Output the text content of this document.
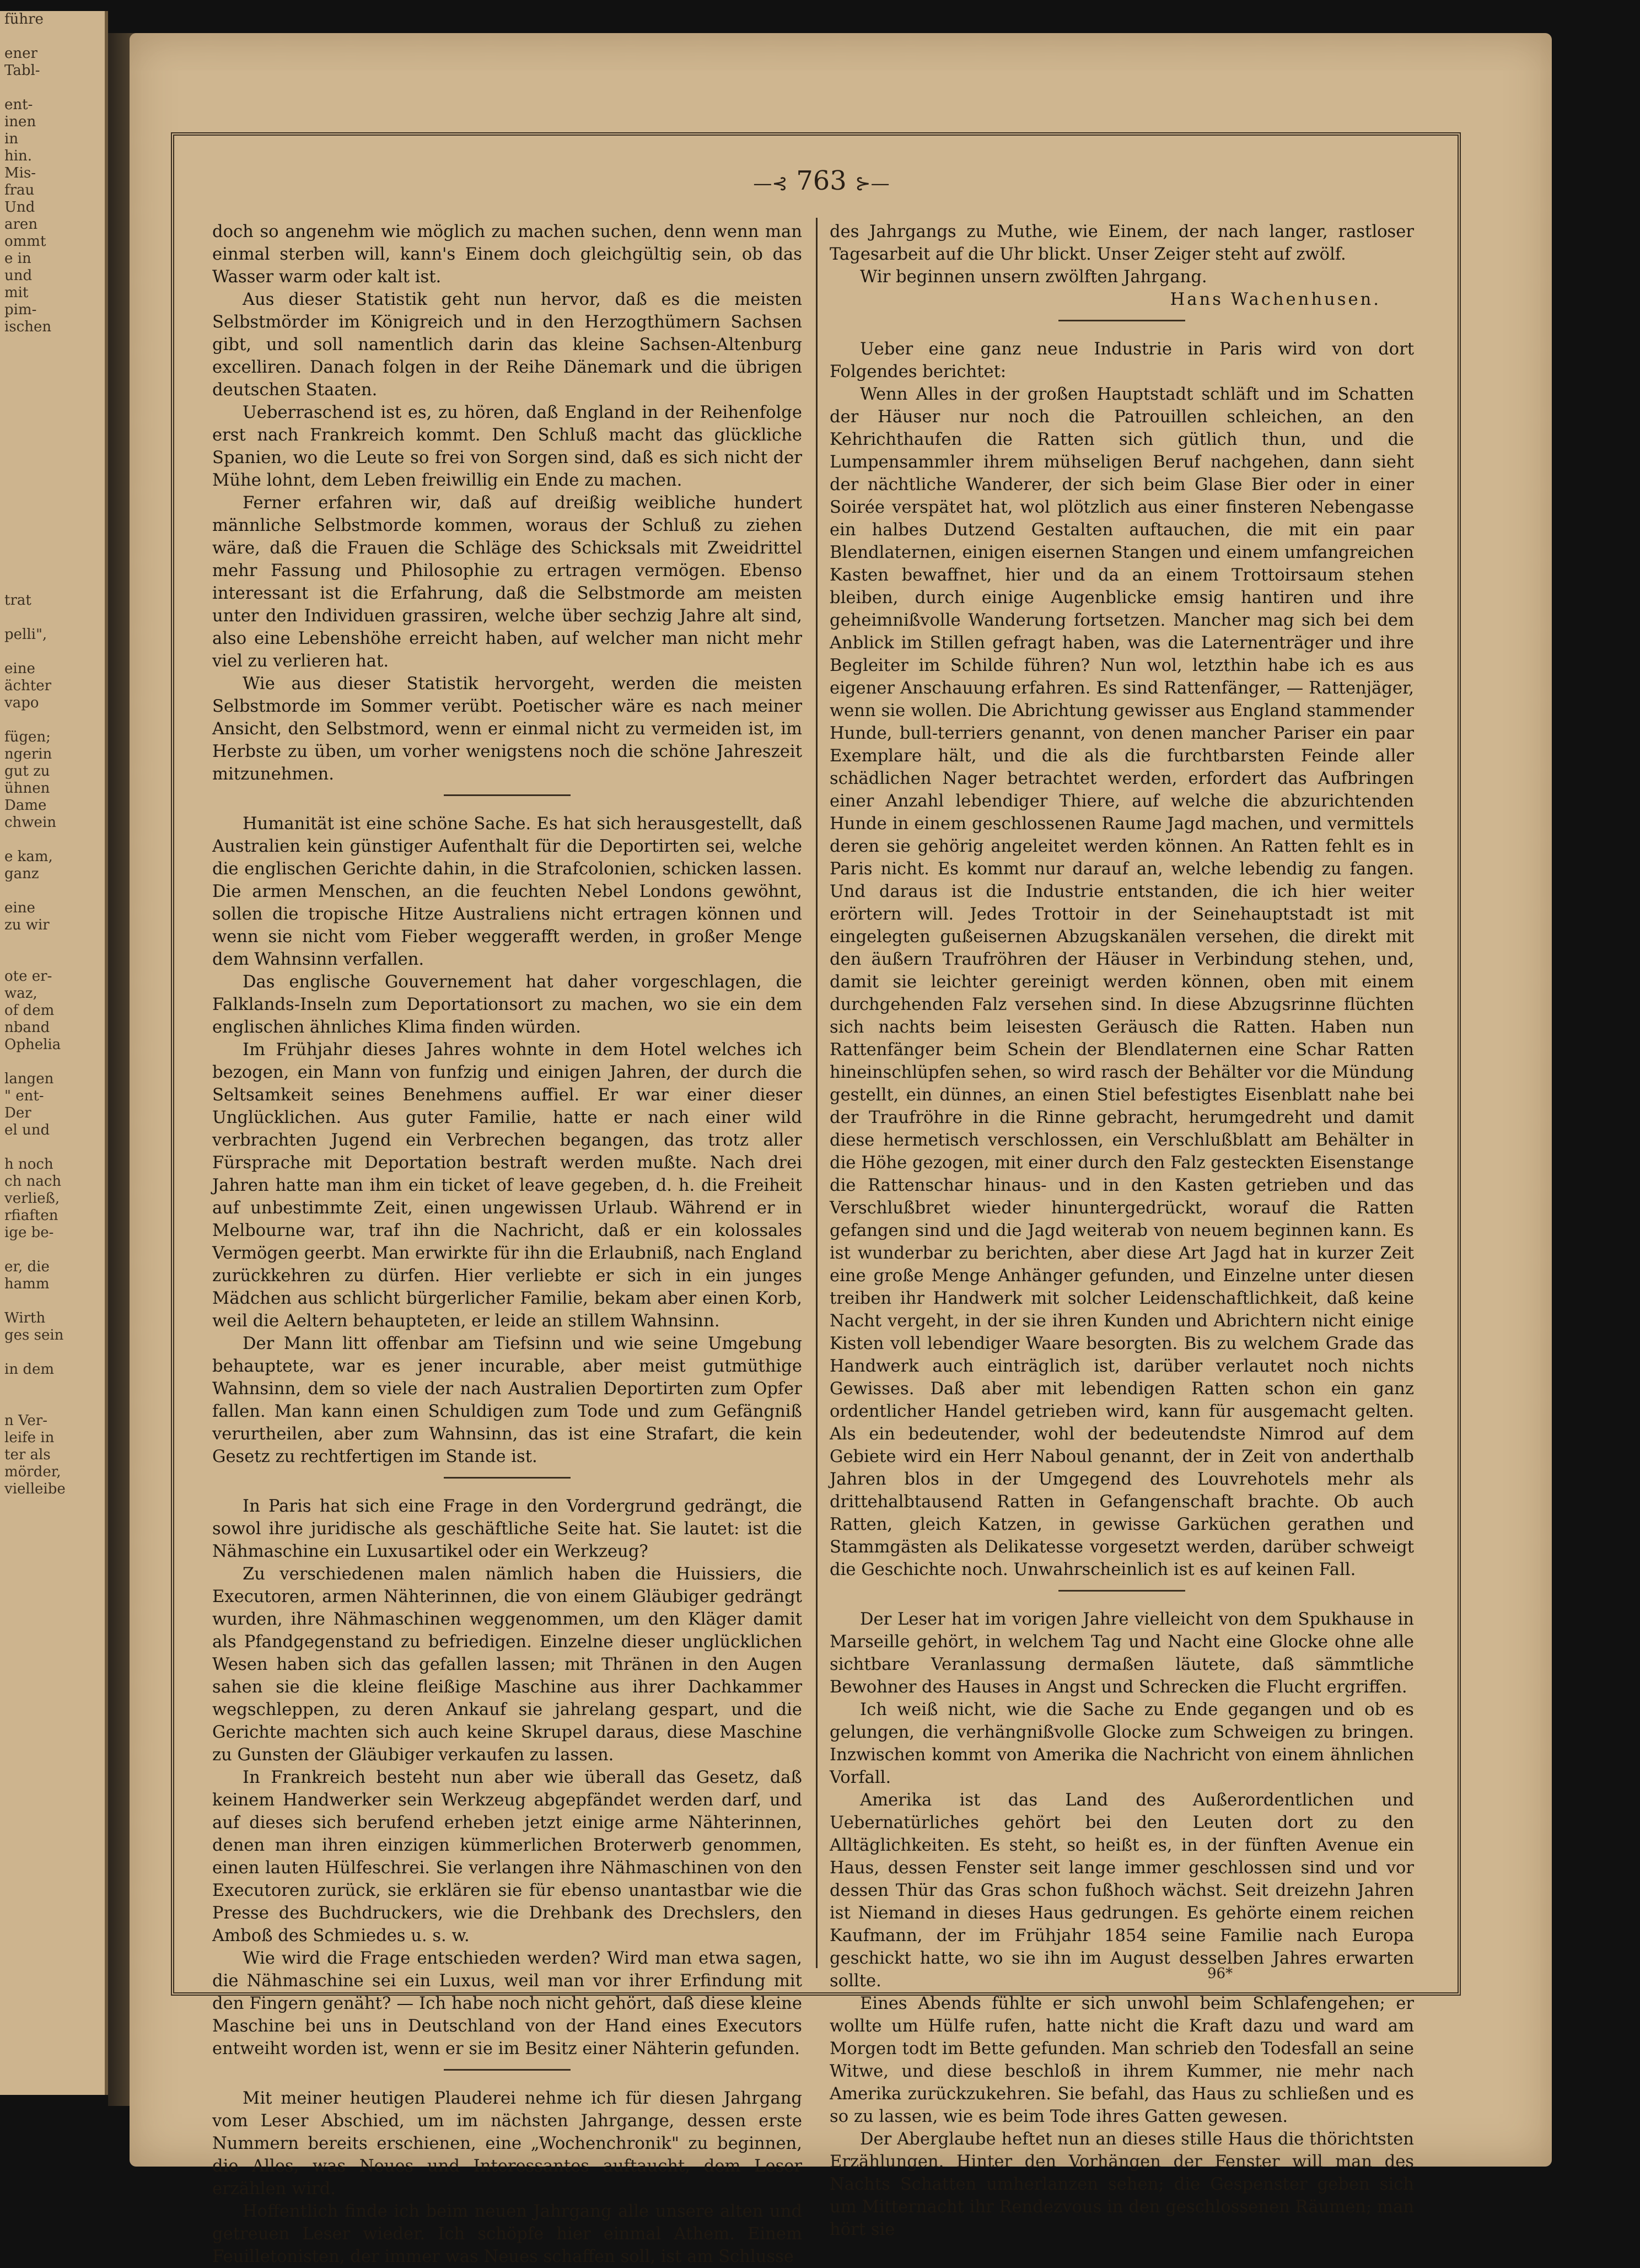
führe

ener
Tabl-

ent-
inen
in
hin.
Mis-
frau
Und
aren
ommt
e in
und
mit
pim-
ischen

trat

pelli",

eine
ächter
vapo

fügen;
ngerin
gut zu
ühnen
Dame
chwein

e kam,
ganz

eine
zu wir

ote er-
waz,
of dem
nband
Ophelia

langen
" ent-
Der
el und

h noch
ch nach
verließ,
rfiaften
ige be-

er, die
hamm

Wirth
ges sein

in dem

n Ver-
leife in
ter als
mörder,
vielleibe
—⊰ 763 ⊱—

doch so angenehm wie möglich zu machen suchen, denn wenn man einmal sterben will, kann's Einem doch gleichgültig sein, ob das Wasser warm oder kalt ist.

Aus dieser Statistik geht nun hervor, daß es die meisten Selbstmörder im Königreich und in den Herzogthümern Sachsen gibt, und soll namentlich darin das kleine Sachsen-Altenburg excelliren. Danach folgen in der Reihe Dänemark und die übrigen deutschen Staaten.

Ueberraschend ist es, zu hören, daß England in der Reihenfolge erst nach Frankreich kommt. Den Schluß macht das glückliche Spanien, wo die Leute so frei von Sorgen sind, daß es sich nicht der Mühe lohnt, dem Leben freiwillig ein Ende zu machen.

Ferner erfahren wir, daß auf dreißig weibliche hundert männliche Selbstmorde kommen, woraus der Schluß zu ziehen wäre, daß die Frauen die Schläge des Schicksals mit Zweidrittel mehr Fassung und Philosophie zu ertragen vermögen. Ebenso interessant ist die Erfahrung, daß die Selbstmorde am meisten unter den Individuen grassiren, welche über sechzig Jahre alt sind, also eine Lebenshöhe erreicht haben, auf welcher man nicht mehr viel zu verlieren hat.

Wie aus dieser Statistik hervorgeht, werden die meisten Selbstmorde im Sommer verübt. Poetischer wäre es nach meiner Ansicht, den Selbstmord, wenn er einmal nicht zu vermeiden ist, im Herbste zu üben, um vorher wenigstens noch die schöne Jahreszeit mitzunehmen.

Humanität ist eine schöne Sache. Es hat sich herausgestellt, daß Australien kein günstiger Aufenthalt für die Deportirten sei, welche die englischen Gerichte dahin, in die Strafcolonien, schicken lassen. Die armen Menschen, an die feuchten Nebel Londons gewöhnt, sollen die tropische Hitze Australiens nicht ertragen können und wenn sie nicht vom Fieber weggerafft werden, in großer Menge dem Wahnsinn verfallen.

Das englische Gouvernement hat daher vorgeschlagen, die Falklands-Inseln zum Deportationsort zu machen, wo sie ein dem englischen ähnliches Klima finden würden.

Im Frühjahr dieses Jahres wohnte in dem Hotel welches ich bezogen, ein Mann von funfzig und einigen Jahren, der durch die Seltsamkeit seines Benehmens auffiel. Er war einer dieser Unglücklichen. Aus guter Familie, hatte er nach einer wild verbrachten Jugend ein Verbrechen begangen, das trotz aller Fürsprache mit Deportation bestraft werden mußte. Nach drei Jahren hatte man ihm ein ticket of leave gegeben, d. h. die Freiheit auf unbestimmte Zeit, einen ungewissen Urlaub. Während er in Melbourne war, traf ihn die Nachricht, daß er ein kolossales Vermögen geerbt. Man erwirkte für ihn die Erlaubniß, nach England zurückkehren zu dürfen. Hier verliebte er sich in ein junges Mädchen aus schlicht bürgerlicher Familie, bekam aber einen Korb, weil die Aeltern behaupteten, er leide an stillem Wahnsinn.

Der Mann litt offenbar am Tiefsinn und wie seine Umgebung behauptete, war es jener incurable, aber meist gutmüthige Wahnsinn, dem so viele der nach Australien Deportirten zum Opfer fallen. Man kann einen Schuldigen zum Tode und zum Gefängniß verurtheilen, aber zum Wahnsinn, das ist eine Strafart, die kein Gesetz zu rechtfertigen im Stande ist.

In Paris hat sich eine Frage in den Vordergrund gedrängt, die sowol ihre juridische als geschäftliche Seite hat. Sie lautet: ist die Nähmaschine ein Luxusartikel oder ein Werkzeug?

Zu verschiedenen malen nämlich haben die Huissiers, die Executoren, armen Nähterinnen, die von einem Gläubiger gedrängt wurden, ihre Nähmaschinen weggenommen, um den Kläger damit als Pfandgegenstand zu befriedigen. Einzelne dieser unglücklichen Wesen haben sich das gefallen lassen; mit Thränen in den Augen sahen sie die kleine fleißige Maschine aus ihrer Dachkammer wegschleppen, zu deren Ankauf sie jahrelang gespart, und die Gerichte machten sich auch keine Skrupel daraus, diese Maschine zu Gunsten der Gläubiger verkaufen zu lassen.

In Frankreich besteht nun aber wie überall das Gesetz, daß keinem Handwerker sein Werkzeug abgepfändet werden darf, und auf dieses sich berufend erheben jetzt einige arme Nähterinnen, denen man ihren einzigen kümmerlichen Broterwerb genommen, einen lauten Hülfeschrei. Sie verlangen ihre Nähmaschinen von den Executoren zurück, sie erklären sie für ebenso unantastbar wie die Presse des Buchdruckers, wie die Drehbank des Drechslers, den Amboß des Schmiedes u. s. w.

Wie wird die Frage entschieden werden? Wird man etwa sagen, die Nähmaschine sei ein Luxus, weil man vor ihrer Erfindung mit den Fingern genäht? — Ich habe noch nicht gehört, daß diese kleine Maschine bei uns in Deutschland von der Hand eines Executors entweiht worden ist, wenn er sie im Besitz einer Nähterin gefunden.

Mit meiner heutigen Plauderei nehme ich für diesen Jahrgang vom Leser Abschied, um im nächsten Jahrgange, dessen erste Nummern bereits erschienen, eine „Wochenchronik" zu beginnen, die Alles, was Neues und Interessantes auftaucht, dem Leser erzählen wird.

Hoffentlich finde ich beim neuen Jahrgang alle unsere alten und getreuen Leser wieder. Ich schöpfe hier einmal Athem. Einem Feuilletonisten, der immer was Neues schaffen soll, ist am Schlusse

des Jahrgangs zu Muthe, wie Einem, der nach langer, rastloser Tagesarbeit auf die Uhr blickt. Unser Zeiger steht auf zwölf.

Wir beginnen unsern zwölften Jahrgang.

Hans Wachenhusen.

Ueber eine ganz neue Industrie in Paris wird von dort Folgendes berichtet:

Wenn Alles in der großen Hauptstadt schläft und im Schatten der Häuser nur noch die Patrouillen schleichen, an den Kehrichthaufen die Ratten sich gütlich thun, und die Lumpensammler ihrem mühseligen Beruf nachgehen, dann sieht der nächtliche Wanderer, der sich beim Glase Bier oder in einer Soirée verspätet hat, wol plötzlich aus einer finsteren Nebengasse ein halbes Dutzend Gestalten auftauchen, die mit ein paar Blendlaternen, einigen eisernen Stangen und einem umfangreichen Kasten bewaffnet, hier und da an einem Trottoirsaum stehen bleiben, durch einige Augenblicke emsig hantiren und ihre geheimnißvolle Wanderung fortsetzen. Mancher mag sich bei dem Anblick im Stillen gefragt haben, was die Laternenträger und ihre Begleiter im Schilde führen? Nun wol, letzthin habe ich es aus eigener Anschauung erfahren. Es sind Rattenfänger, — Rattenjäger, wenn sie wollen. Die Abrichtung gewisser aus England stammender Hunde, bull-terriers genannt, von denen mancher Pariser ein paar Exemplare hält, und die als die furchtbarsten Feinde aller schädlichen Nager betrachtet werden, erfordert das Aufbringen einer Anzahl lebendiger Thiere, auf welche die abzurichtenden Hunde in einem geschlossenen Raume Jagd machen, und vermittels deren sie gehörig angeleitet werden können. An Ratten fehlt es in Paris nicht. Es kommt nur darauf an, welche lebendig zu fangen. Und daraus ist die Industrie entstanden, die ich hier weiter erörtern will. Jedes Trottoir in der Seinehauptstadt ist mit eingelegten gußeisernen Abzugskanälen versehen, die direkt mit den äußern Traufröhren der Häuser in Verbindung stehen, und, damit sie leichter gereinigt werden können, oben mit einem durchgehenden Falz versehen sind. In diese Abzugsrinne flüchten sich nachts beim leisesten Geräusch die Ratten. Haben nun Rattenfänger beim Schein der Blendlaternen eine Schar Ratten hineinschlüpfen sehen, so wird rasch der Behälter vor die Mündung gestellt, ein dünnes, an einen Stiel befestigtes Eisenblatt nahe bei der Traufröhre in die Rinne gebracht, herumgedreht und damit diese hermetisch verschlossen, ein Verschlußblatt am Behälter in die Höhe gezogen, mit einer durch den Falz gesteckten Eisenstange die Rattenschar hinaus- und in den Kasten getrieben und das Verschlußbret wieder hinuntergedrückt, worauf die Ratten gefangen sind und die Jagd weiterab von neuem beginnen kann. Es ist wunderbar zu berichten, aber diese Art Jagd hat in kurzer Zeit eine große Menge Anhänger gefunden, und Einzelne unter diesen treiben ihr Handwerk mit solcher Leidenschaftlichkeit, daß keine Nacht vergeht, in der sie ihren Kunden und Abrichtern nicht einige Kisten voll lebendiger Waare besorgten. Bis zu welchem Grade das Handwerk auch einträglich ist, darüber verlautet noch nichts Gewisses. Daß aber mit lebendigen Ratten schon ein ganz ordentlicher Handel getrieben wird, kann für ausgemacht gelten. Als ein bedeutender, wohl der bedeutendste Nimrod auf dem Gebiete wird ein Herr Naboul genannt, der in Zeit von anderthalb Jahren blos in der Umgegend des Louvrehotels mehr als drittehalbtausend Ratten in Gefangenschaft brachte. Ob auch Ratten, gleich Katzen, in gewisse Garküchen gerathen und Stammgästen als Delikatesse vorgesetzt werden, darüber schweigt die Geschichte noch. Unwahrscheinlich ist es auf keinen Fall.

Der Leser hat im vorigen Jahre vielleicht von dem Spukhause in Marseille gehört, in welchem Tag und Nacht eine Glocke ohne alle sichtbare Veranlassung dermaßen läutete, daß sämmtliche Bewohner des Hauses in Angst und Schrecken die Flucht ergriffen.

Ich weiß nicht, wie die Sache zu Ende gegangen und ob es gelungen, die verhängnißvolle Glocke zum Schweigen zu bringen. Inzwischen kommt von Amerika die Nachricht von einem ähnlichen Vorfall.

Amerika ist das Land des Außerordentlichen und Uebernatürliches gehört bei den Leuten dort zu den Alltäglichkeiten. Es steht, so heißt es, in der fünften Avenue ein Haus, dessen Fenster seit lange immer geschlossen sind und vor dessen Thür das Gras schon fußhoch wächst. Seit dreizehn Jahren ist Niemand in dieses Haus gedrungen. Es gehörte einem reichen Kaufmann, der im Frühjahr 1854 seine Familie nach Europa geschickt hatte, wo sie ihn im August desselben Jahres erwarten sollte.

Eines Abends fühlte er sich unwohl beim Schlafengehen; er wollte um Hülfe rufen, hatte nicht die Kraft dazu und ward am Morgen todt im Bette gefunden. Man schrieb den Todesfall an seine Witwe, und diese beschloß in ihrem Kummer, nie mehr nach Amerika zurückzukehren. Sie befahl, das Haus zu schließen und es so zu lassen, wie es beim Tode ihres Gatten gewesen.

Der Aberglaube heftet nun an dieses stille Haus die thörichtsten Erzählungen. Hinter den Vorhängen der Fenster will man des Nachts Schatten umherlanzen sehen; die Gespenster geben sich um Mitternacht ihr Rendezvous in den geschlossenen Räumen; man hört sie

96*
